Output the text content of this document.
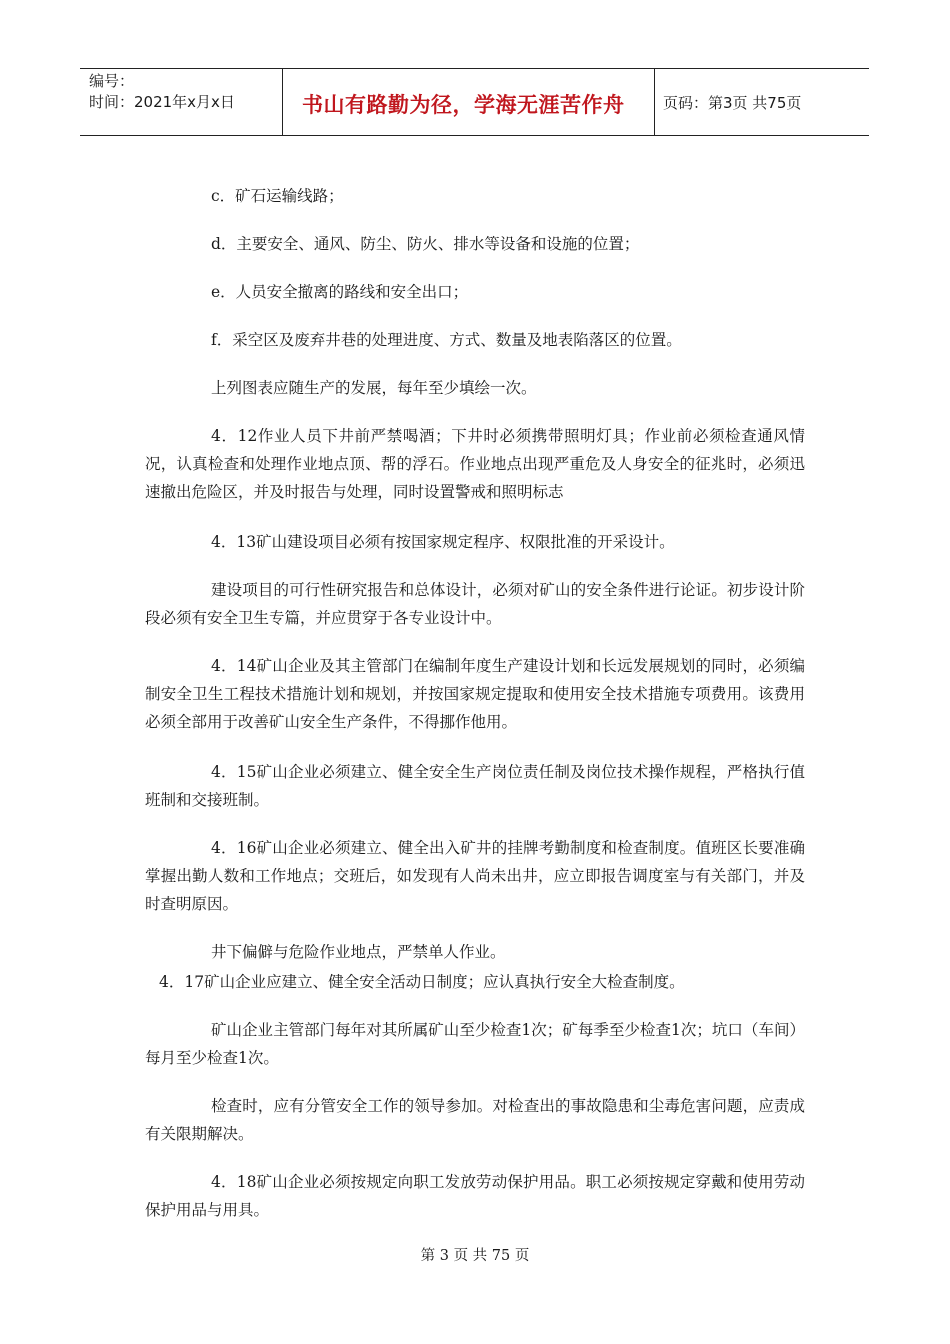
编号：
时间：2021年x月x日	书山有路勤为径，学海无涯苦作舟	页码：第3页 共75页
c．矿石运输线路；
d．主要安全、通风、防尘、防火、排水等设备和设施的位置；
e．人员安全撤离的路线和安全出口；
f．采空区及废弃井巷的处理进度、方式、数量及地表陷落区的位置。
上列图表应随生产的发展，每年至少填绘一次。
4．12作业人员下井前严禁喝酒；下井时必须携带照明灯具；作业前必须检查通风情况，认真检查和处理作业地点顶、帮的浮石。作业地点出现严重危及人身安全的征兆时，必须迅速撤出危险区，并及时报告与处理，同时设置警戒和照明标志
4．13矿山建设项目必须有按国家规定程序、权限批准的开采设计。
建设项目的可行性研究报告和总体设计，必须对矿山的安全条件进行论证。初步设计阶段必须有安全卫生专篇，并应贯穿于各专业设计中。
4．14矿山企业及其主管部门在编制年度生产建设计划和长远发展规划的同时，必须编制安全卫生工程技术措施计划和规划，并按国家规定提取和使用安全技术措施专项费用。该费用必须全部用于改善矿山安全生产条件，不得挪作他用。
4．15矿山企业必须建立、健全安全生产岗位责任制及岗位技术操作规程，严格执行值班制和交接班制。
4．16矿山企业必须建立、健全出入矿井的挂牌考勤制度和检查制度。值班区长要准确掌握出勤人数和工作地点；交班后，如发现有人尚未出井，应立即报告调度室与有关部门，并及时查明原因。
井下偏僻与危险作业地点，严禁单人作业。
4．17矿山企业应建立、健全安全活动日制度；应认真执行安全大检查制度。
矿山企业主管部门每年对其所属矿山至少检查1次；矿每季至少检查1次；坑口（车间）每月至少检查1次。
检查时，应有分管安全工作的领导参加。对检查出的事故隐患和尘毒危害问题，应责成有关限期解决。
4．18矿山企业必须按规定向职工发放劳动保护用品。职工必须按规定穿戴和使用劳动保护用品与用具。
第 3 页 共 75 页
